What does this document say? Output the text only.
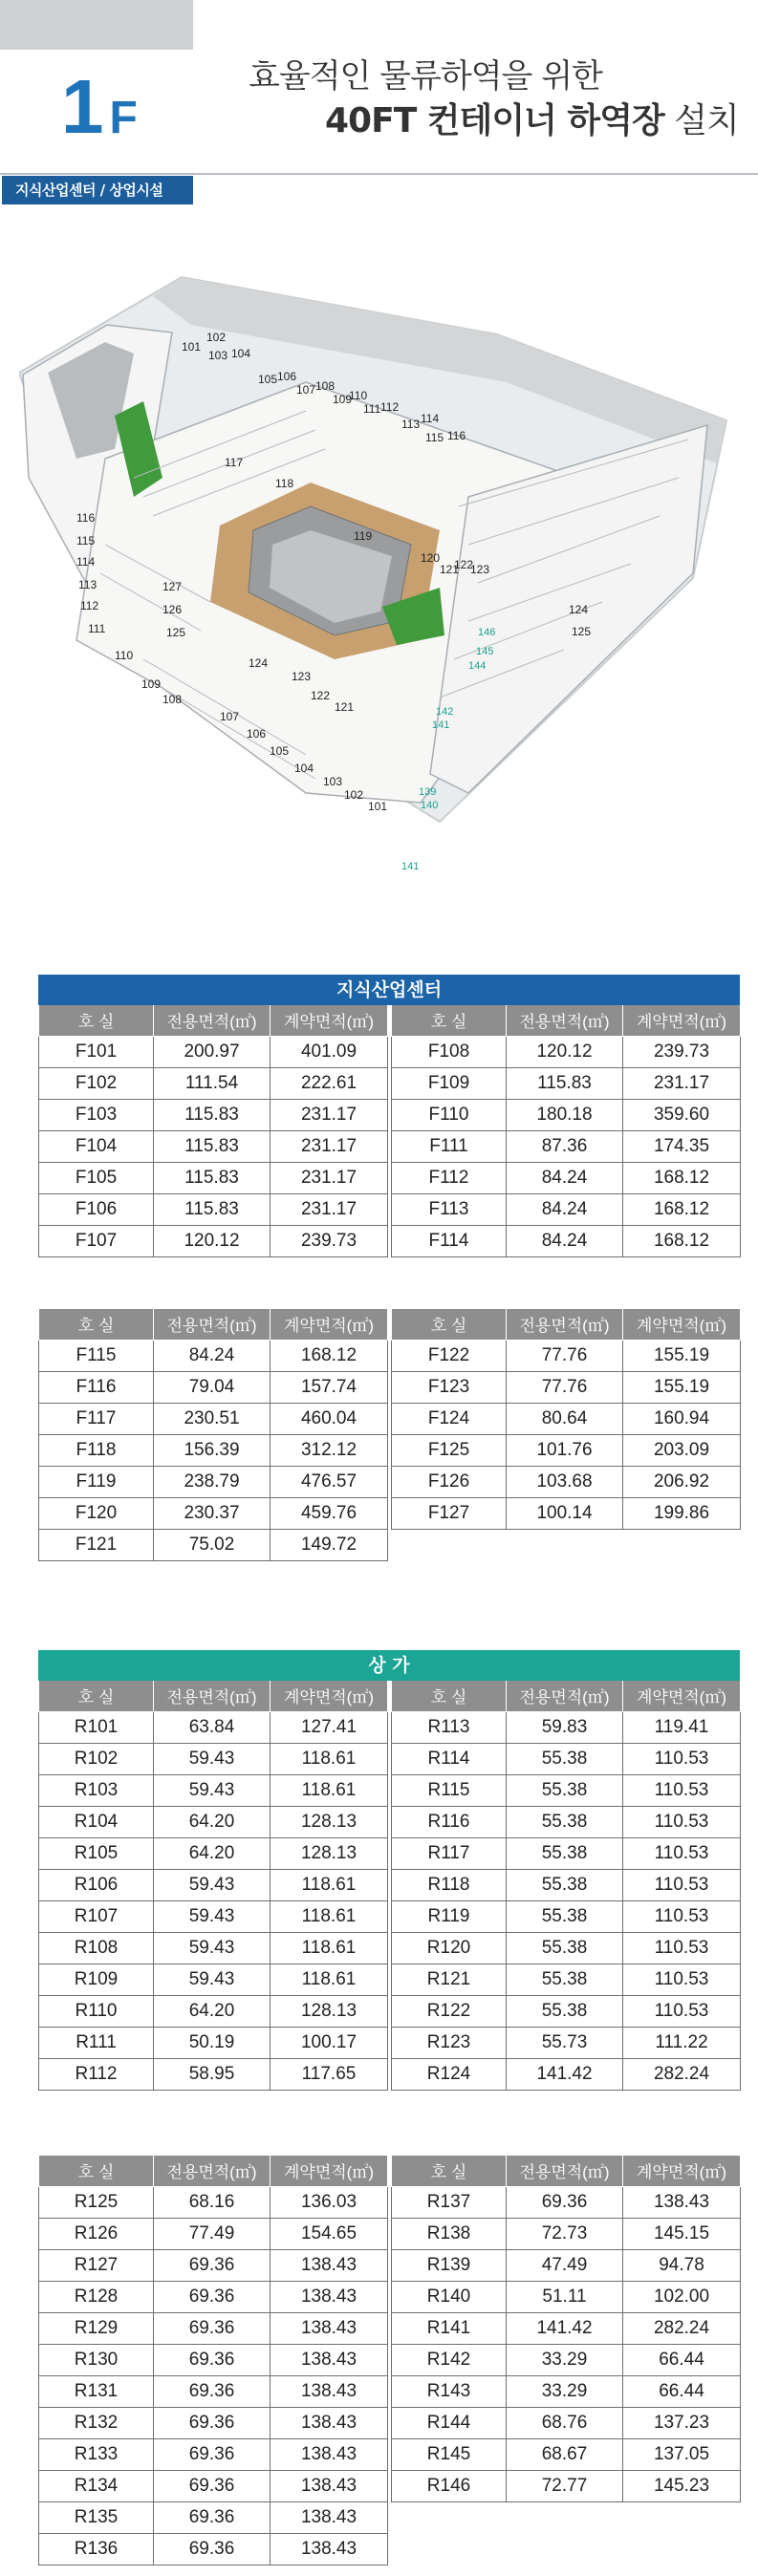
1 F
효율적인 물류하역을 위한
40FT 컨테이너 하역장 설치
지식산업센터 / 상업시설
101
102
103 104
105 106
107 108
109
110
111 112
113 114
115 116
117
118
119
120
121
122
123
124
125
116
115
114
113
112
111
127
126
125
110
109
108
107
106
105
104
103
102
101
124
123
122
121
146
145
144
142
141
139
140
141
지식산업센터
호 실	전용면적(㎡)	계약면적(㎡)
F101	200.97	401.09
F102	111.54	222.61
F103	115.83	231.17
F104	115.83	231.17
F105	115.83	231.17
F106	115.83	231.17
F107	120.12	239.73
호 실	전용면적(㎡)	계약면적(㎡)
F108	120.12	239.73
F109	115.83	231.17
F110	180.18	359.60
F111	87.36	174.35
F112	84.24	168.12
F113	84.24	168.12
F114	84.24	168.12
호 실	전용면적(㎡)	계약면적(㎡)
F115	84.24	168.12
F116	79.04	157.74
F117	230.51	460.04
F118	156.39	312.12
F119	238.79	476.57
F120	230.37	459.76
F121	75.02	149.72
호 실	전용면적(㎡)	계약면적(㎡)
F122	77.76	155.19
F123	77.76	155.19
F124	80.64	160.94
F125	101.76	203.09
F126	103.68	206.92
F127	100.14	199.86
상 가
호 실	전용면적(㎡)	계약면적(㎡)
R101	63.84	127.41
R102	59.43	118.61
R103	59.43	118.61
R104	64.20	128.13
R105	64.20	128.13
R106	59.43	118.61
R107	59.43	118.61
R108	59.43	118.61
R109	59.43	118.61
R110	64.20	128.13
R111	50.19	100.17
R112	58.95	117.65
호 실	전용면적(㎡)	계약면적(㎡)
R113	59.83	119.41
R114	55.38	110.53
R115	55.38	110.53
R116	55.38	110.53
R117	55.38	110.53
R118	55.38	110.53
R119	55.38	110.53
R120	55.38	110.53
R121	55.38	110.53
R122	55.38	110.53
R123	55.73	111.22
R124	141.42	282.24
호 실	전용면적(㎡)	계약면적(㎡)
R125	68.16	136.03
R126	77.49	154.65
R127	69.36	138.43
R128	69.36	138.43
R129	69.36	138.43
R130	69.36	138.43
R131	69.36	138.43
R132	69.36	138.43
R133	69.36	138.43
R134	69.36	138.43
R135	69.36	138.43
R136	69.36	138.43
호 실	전용면적(㎡)	계약면적(㎡)
R137	69.36	138.43
R138	72.73	145.15
R139	47.49	94.78
R140	51.11	102.00
R141	141.42	282.24
R142	33.29	66.44
R143	33.29	66.44
R144	68.76	137.23
R145	68.67	137.05
R146	72.77	145.23
